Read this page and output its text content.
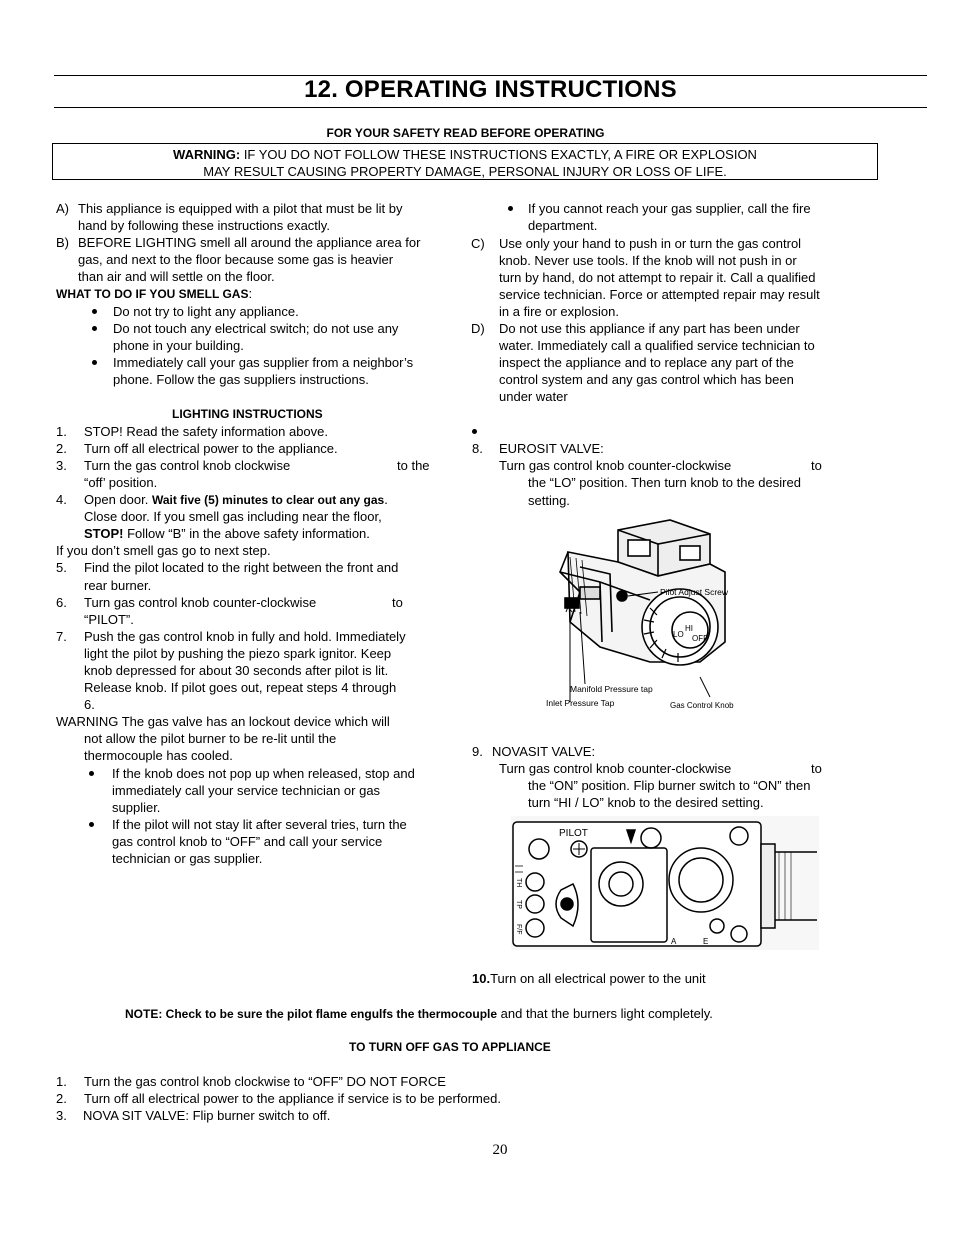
12. OPERATING INSTRUCTIONS
FOR YOUR SAFETY READ BEFORE OPERATING
WARNING: IF YOU DO NOT FOLLOW THESE INSTRUCTIONS EXACTLY, A FIRE OR EXPLOSION
MAY RESULT CAUSING PROPERTY DAMAGE, PERSONAL INJURY OR LOSS OF LIFE.
A) This appliance is equipped with a pilot that must be lit by
hand by following these instructions exactly.
B) BEFORE LIGHTING smell all around the appliance area for
gas, and next to the floor because some gas is heavier
than air and will settle on the floor.
WHAT TO DO IF YOU SMELL GAS:
Do not try to light any appliance.
Do not touch any electrical switch; do not use any
phone in your building.
Immediately call your gas supplier from a neighbor’s
phone. Follow the gas suppliers instructions.
LIGHTING INSTRUCTIONS
1. STOP! Read the safety information above.
2. Turn off all electrical power to the appliance.
3. Turn the gas control knob clockwise	to the
“off’ position.
4. Open door. Wait five (5) minutes to clear out any gas.
Close door. If you smell gas including near the floor,
STOP! Follow “B” in the above safety information.
If you don’t smell gas go to next step.
5. Find the pilot located to the right between the front and
rear burner.
6. Turn gas control knob counter-clockwise	to
“PILOT”.
7. Push the gas control knob in fully and hold. Immediately
light the pilot by pushing the piezo spark ignitor. Keep
knob depressed for about 30 seconds after pilot is lit.
Release knob. If pilot goes out, repeat steps 4 through
6.
WARNING The gas valve has an lockout device which will
not allow the pilot burner to be re-lit until the
thermocouple has cooled.
If the knob does not pop up when released, stop and
immediately call your service technician or gas
supplier.
If the pilot will not stay lit after several tries, turn the
gas control knob to “OFF” and call your service
technician or gas supplier.
If you cannot reach your gas supplier, call the fire
department.
C) Use only your hand to push in or turn the gas control
knob. Never use tools. If the knob will not push in or
turn by hand, do not attempt to repair it. Call a qualified
service technician. Force or attempted repair may result
in a fire or explosion.
D) Do not use this appliance if any part has been under
water. Immediately call a qualified service technician to
inspect the appliance and to replace any part of the
control system and any gas control which has been
under water
8. EUROSIT VALVE:
Turn gas control knob counter-clockwise	to
the “LO” position. Then turn knob to the desired
setting.
Pilot Adjust Screw
HI
LO OFF
Manifold Pressure tap
Inlet Pressure Tap	Gas Control Knob
9. NOVASIT VALVE:
Turn gas control knob counter-clockwise	to
the “ON” position. Flip burner switch to “ON” then
turn “HI / LO” knob to the desired setting.
PILOT
TH
TP
F/F
A	E
10.Turn on all electrical power to the unit
NOTE: Check to be sure the pilot flame engulfs the thermocouple and that the burners light completely.
TO TURN OFF GAS TO APPLIANCE
1. Turn the gas control knob clockwise to “OFF” DO NOT FORCE
2. Turn off all electrical power to the appliance if service is to be performed.
3. NOVA SIT VALVE: Flip burner switch to off.
20
